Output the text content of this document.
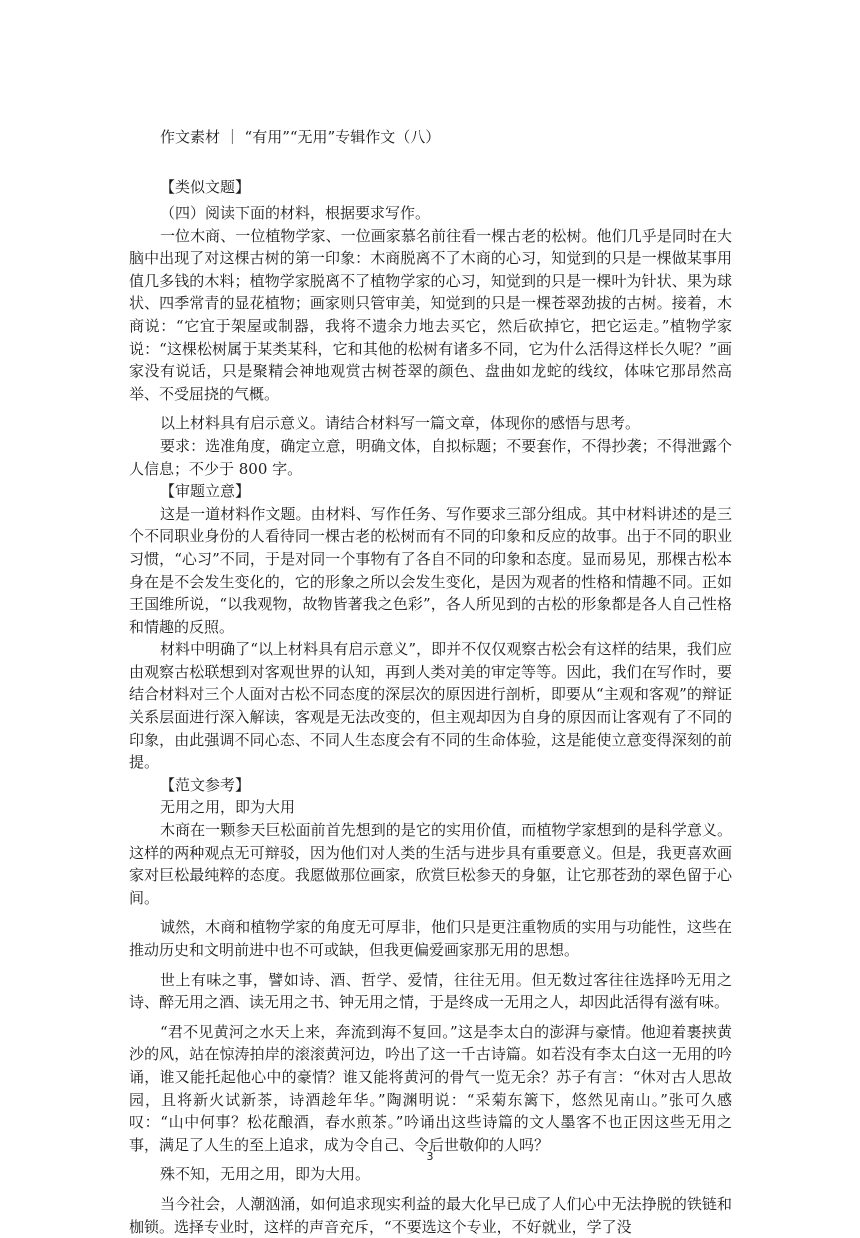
作文素材 ｜ “有用”“无用”专辑作文（八）
【类似文题】

（四）阅读下面的材料，根据要求写作。

一位木商、一位植物学家、一位画家慕名前往看一棵古老的松树。他们几乎是同时在大脑中出现了对这棵古树的第一印象：木商脱离不了木商的心习，知觉到的只是一棵做某事用值几多钱的木料；植物学家脱离不了植物学家的心习，知觉到的只是一棵叶为针状、果为球状、四季常青的显花植物；画家则只管审美，知觉到的只是一棵苍翠劲拔的古树。接着，木商说：“它宜于架屋或制器，我将不遗余力地去买它，然后砍掉它，把它运走。”植物学家说：“这棵松树属于某类某科，它和其他的松树有诸多不同，它为什么活得这样长久呢？”画家没有说话，只是聚精会神地观赏古树苍翠的颜色、盘曲如龙蛇的线纹，体味它那昂然高举、不受屈挠的气概。

以上材料具有启示意义。请结合材料写一篇文章，体现你的感悟与思考。

要求：选准角度，确定立意，明确文体，自拟标题；不要套作，不得抄袭；不得泄露个人信息；不少于 800 字。

【审题立意】

这是一道材料作文题。由材料、写作任务、写作要求三部分组成。其中材料讲述的是三个不同职业身份的人看待同一棵古老的松树而有不同的印象和反应的故事。出于不同的职业习惯，“心习”不同，于是对同一个事物有了各自不同的印象和态度。显而易见，那棵古松本身在是不会发生变化的，它的形象之所以会发生变化，是因为观者的性格和情趣不同。正如王国维所说，“以我观物，故物皆著我之色彩”，各人所见到的古松的形象都是各人自己性格和情趣的反照。

材料中明确了“以上材料具有启示意义”，即并不仅仅观察古松会有这样的结果，我们应由观察古松联想到对客观世界的认知，再到人类对美的审定等等。因此，我们在写作时，要结合材料对三个人面对古松不同态度的深层次的原因进行剖析，即要从“主观和客观”的辩证关系层面进行深入解读，客观是无法改变的，但主观却因为自身的原因而让客观有了不同的印象，由此强调不同心态、不同人生态度会有不同的生命体验，这是能使立意变得深刻的前提。

【范文参考】

无用之用，即为大用

木商在一颗参天巨松面前首先想到的是它的实用价值，而植物学家想到的是科学意义。这样的两种观点无可辩驳，因为他们对人类的生活与进步具有重要意义。但是，我更喜欢画家对巨松最纯粹的态度。我愿做那位画家，欣赏巨松参天的身躯，让它那苍劲的翠色留于心间。

诚然，木商和植物学家的角度无可厚非，他们只是更注重物质的实用与功能性，这些在推动历史和文明前进中也不可或缺，但我更偏爱画家那无用的思想。

世上有味之事，譬如诗、酒、哲学、爱情，往往无用。但无数过客往往选择吟无用之诗、醉无用之酒、读无用之书、钟无用之情，于是终成一无用之人，却因此活得有滋有味。

“君不见黄河之水天上来，奔流到海不复回。”这是李太白的澎湃与豪情。他迎着裹挟黄沙的风，站在惊涛拍岸的滚滚黄河边，吟出了这一千古诗篇。如若没有李太白这一无用的吟诵，谁又能托起他心中的豪情？谁又能将黄河的骨气一览无余？苏子有言：“休对古人思故园，且将新火试新茶，诗酒趁年华。”陶渊明说：“采菊东篱下，悠然见南山。”张可久感叹：“山中何事？松花酿酒，春水煎茶。”吟诵出这些诗篇的文人墨客不也正因这些无用之事，满足了人生的至上追求，成为令自己、令后世敬仰的人吗？

殊不知，无用之用，即为大用。

当今社会，人潮汹涌，如何追求现实利益的最大化早已成了人们心中无法挣脱的铁链和枷锁。选择专业时，这样的声音充斥，“不要选这个专业，不好就业，学了没

3
